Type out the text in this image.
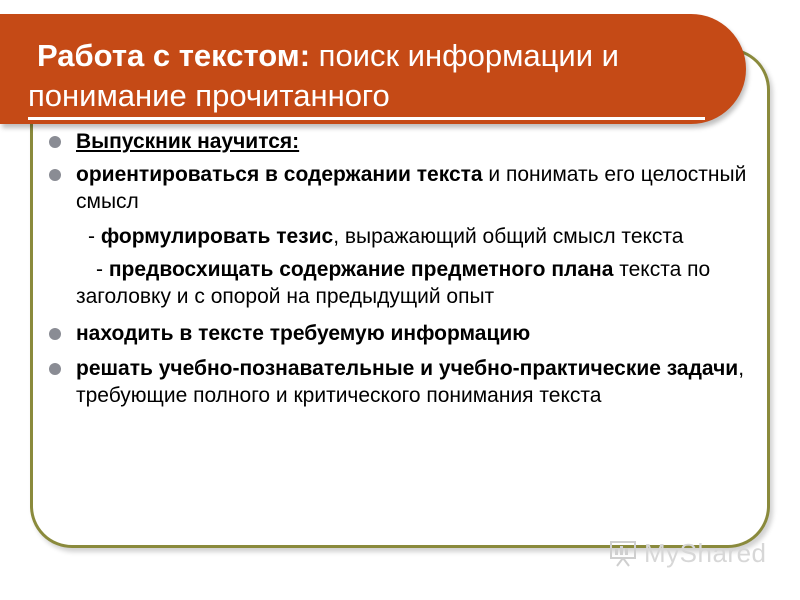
Работа с текстом: поиск информации и
понимание прочитанного
Выпускник научится:
ориентироваться в содержании текста и понимать его целостный смысл
- формулировать тезис, выражающий общий смысл текста
- предвосхищать содержание предметного плана текста по заголовку и с опорой на предыдущий опыт
находить в тексте требуемую информацию
решать учебно-познавательные и учебно-практические задачи, требующие полного и критического понимания текста
MyShared
